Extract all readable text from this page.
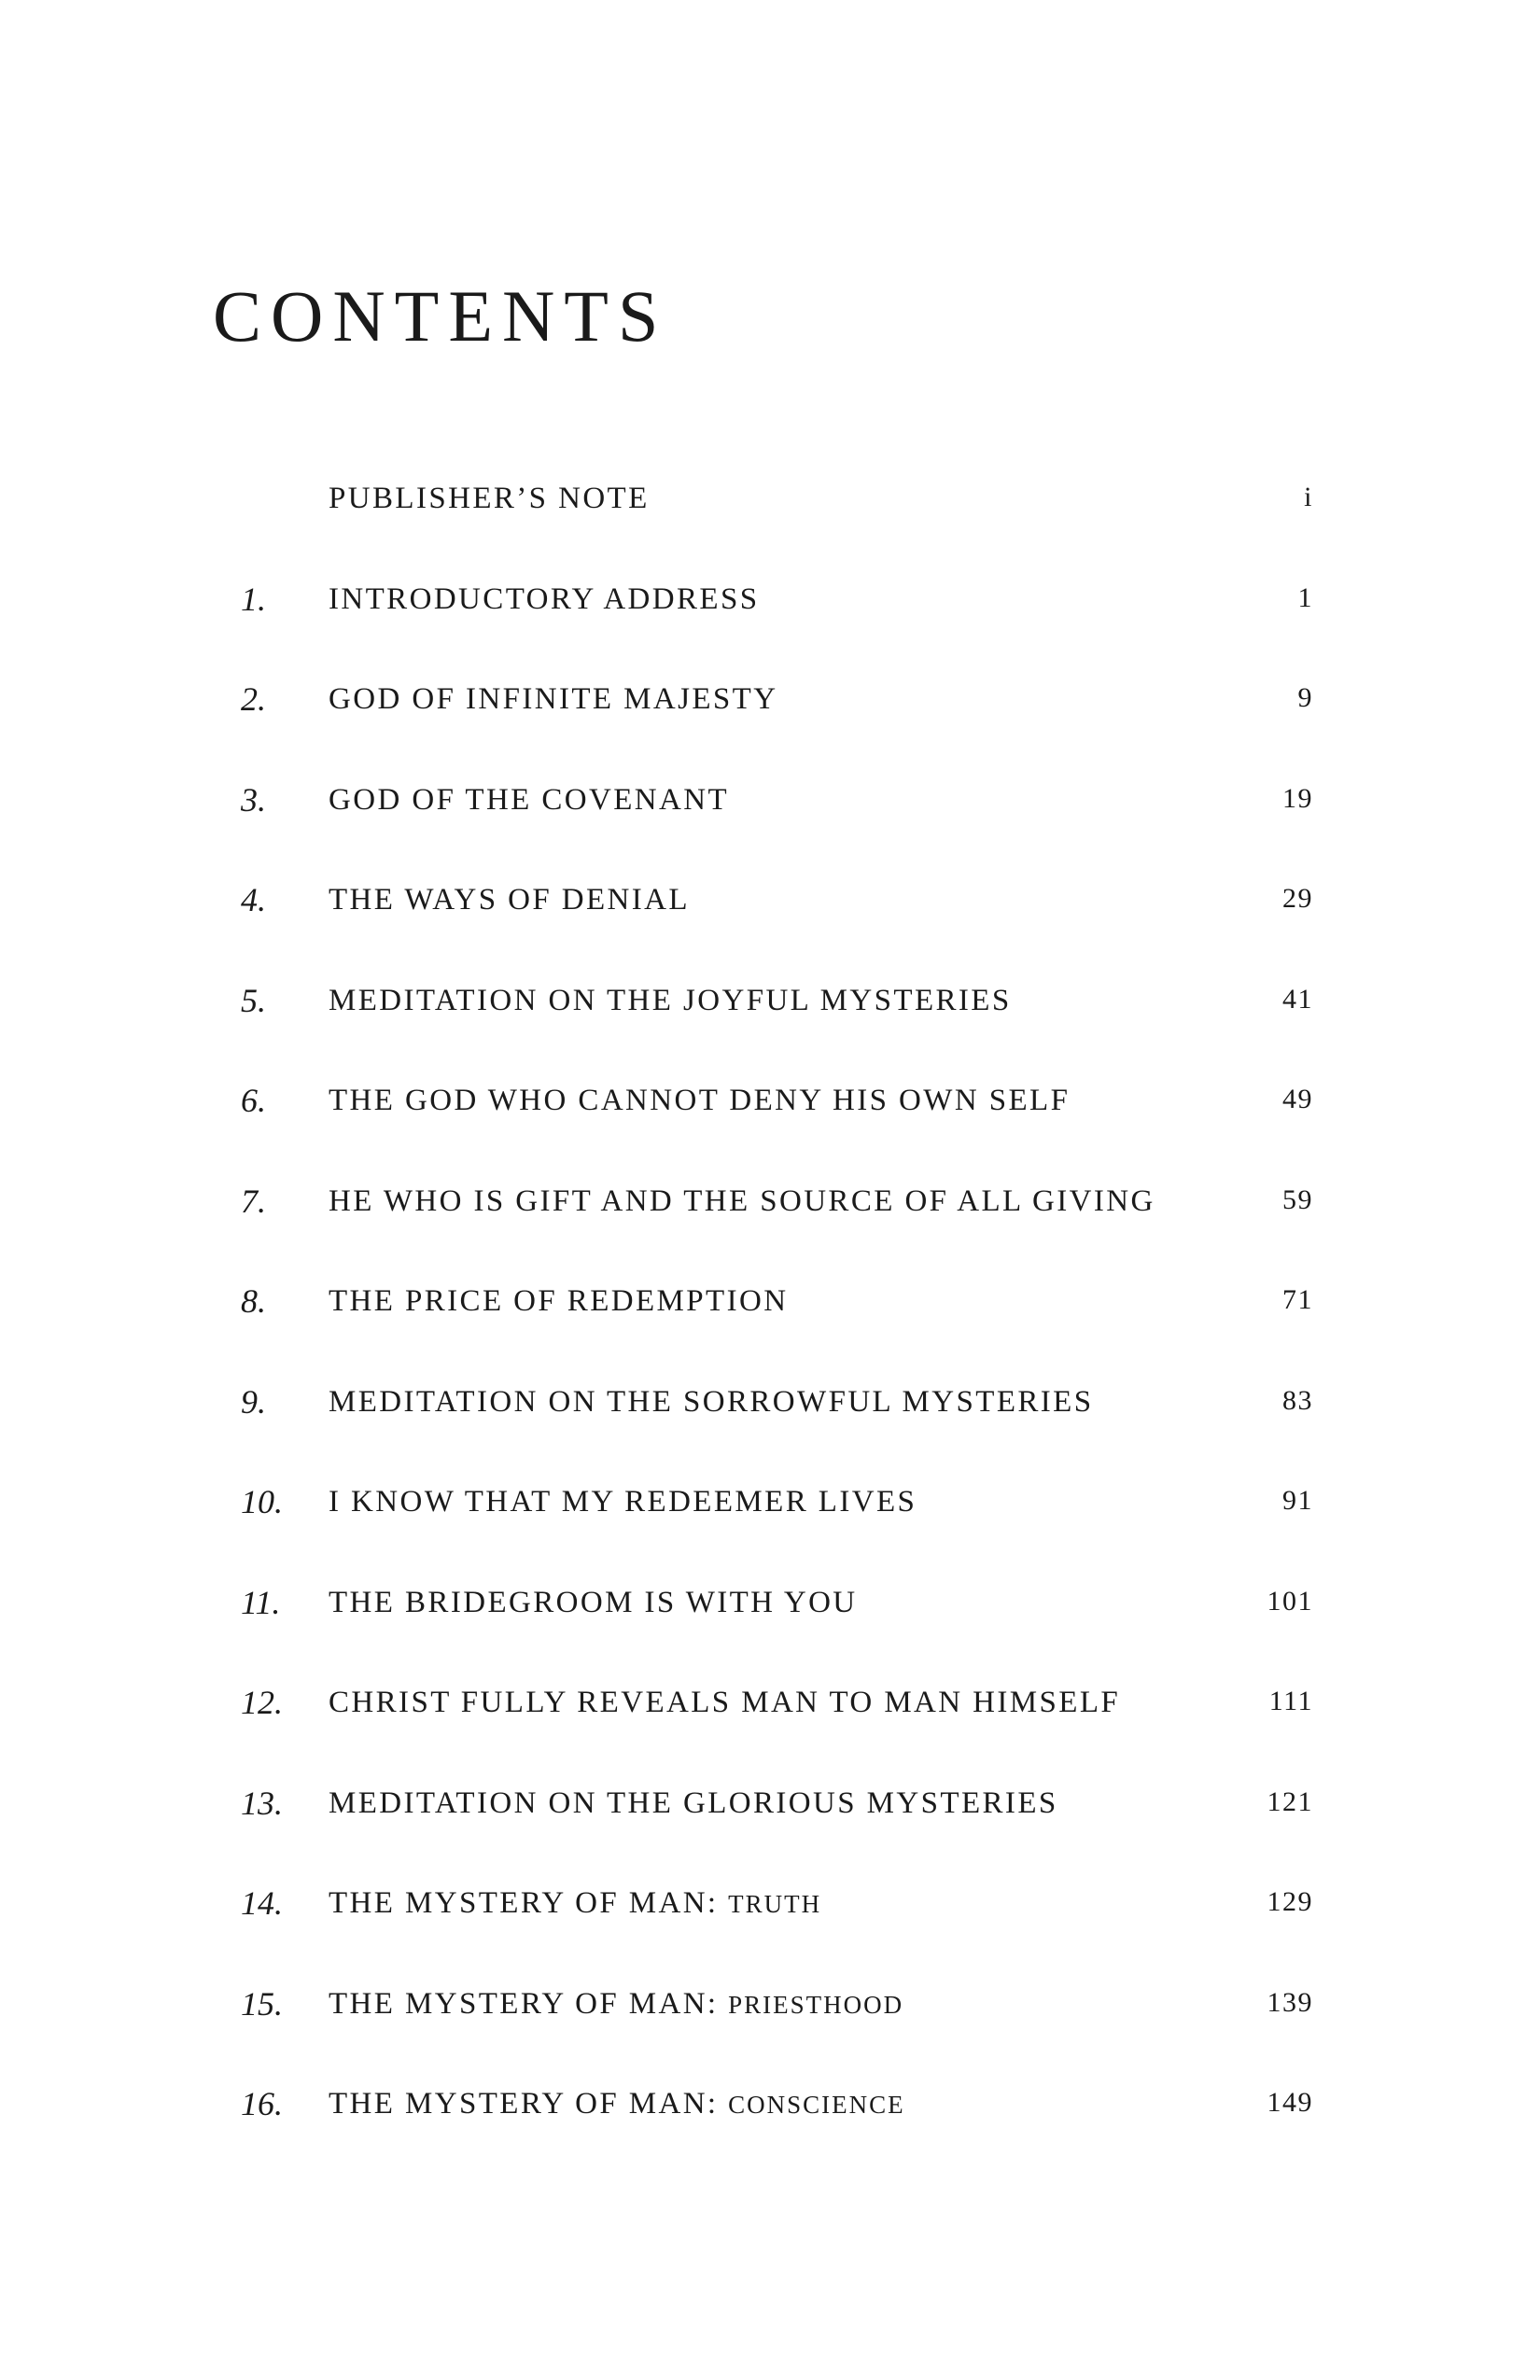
CONTENTS
PUBLISHER’S NOTE	i
1. INTRODUCTORY ADDRESS	1
2. GOD OF INFINITE MAJESTY	9
3. GOD OF THE COVENANT	19
4. THE WAYS OF DENIAL	29
5. MEDITATION ON THE JOYFUL MYSTERIES	41
6. THE GOD WHO CANNOT DENY HIS OWN SELF	49
7. HE WHO IS GIFT AND THE SOURCE OF ALL GIVING	59
8. THE PRICE OF REDEMPTION	71
9. MEDITATION ON THE SORROWFUL MYSTERIES	83
10. I KNOW THAT MY REDEEMER LIVES	91
11. THE BRIDEGROOM IS WITH YOU	101
12. CHRIST FULLY REVEALS MAN TO MAN HIMSELF	111
13. MEDITATION ON THE GLORIOUS MYSTERIES	121
14. THE MYSTERY OF MAN: TRUTH	129
15. THE MYSTERY OF MAN: PRIESTHOOD	139
16. THE MYSTERY OF MAN: CONSCIENCE	149
